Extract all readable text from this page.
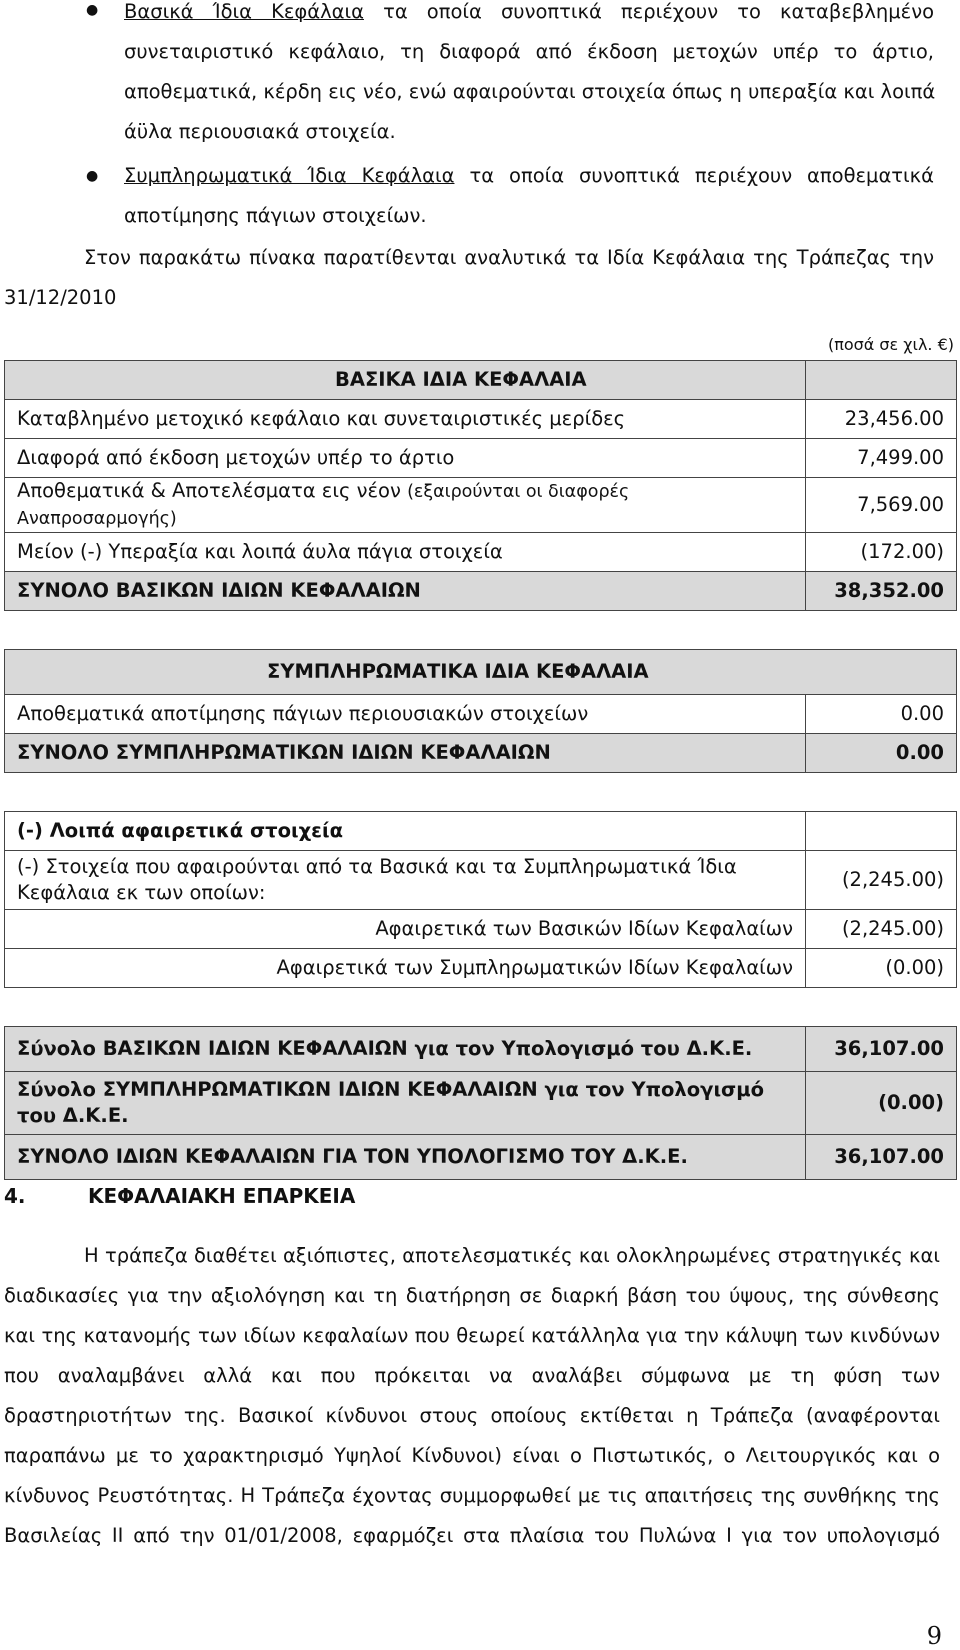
● Βασικά Ίδια Κεφάλαια τα οποία συνοπτικά περιέχουν το καταβεβλημένο
συνεταιριστικό κεφάλαιο, τη διαφορά από έκδοση μετοχών υπέρ το άρτιο,
αποθεματικά, κέρδη εις νέο, ενώ αφαιρούνται στοιχεία όπως η υπεραξία και λοιπά
άϋλα περιουσιακά στοιχεία.
● Συμπληρωματικά Ίδια Κεφάλαια τα οποία συνοπτικά περιέχουν αποθεματικά
αποτίμησης πάγιων στοιχείων.
Στον παρακάτω πίνακα παρατίθενται αναλυτικά τα Ιδία Κεφάλαια της Τράπεζας την
31/12/2010
(ποσά σε χιλ. €)
ΒΑΣΙΚΑ ΙΔΙΑ ΚΕΦΑΛΑΙΑ	
Καταβλημένο μετοχικό κεφάλαιο και συνεταιριστικές μερίδες	23,456.00
Διαφορά από έκδοση μετοχών υπέρ το άρτιο	7,499.00
Αποθεματικά & Αποτελέσματα εις νέον (εξαιρούνται οι διαφορές Αναπροσαρμογής)	7,569.00
Μείον (-) Υπεραξία και λοιπά άυλα πάγια στοιχεία	(172.00)
ΣΥΝΟΛΟ ΒΑΣΙΚΩΝ ΙΔΙΩΝ ΚΕΦΑΛΑΙΩΝ	38,352.00

ΣΥΜΠΛΗΡΩΜΑΤΙΚΑ ΙΔΙΑ ΚΕΦΑΛΑΙΑ	
Αποθεματικά αποτίμησης πάγιων περιουσιακών στοιχείων	0.00
ΣΥΝΟΛΟ ΣΥΜΠΛΗΡΩΜΑΤΙΚΩΝ ΙΔΙΩΝ ΚΕΦΑΛΑΙΩΝ	0.00

(-) Λοιπά αφαιρετικά στοιχεία	
(-) Στοιχεία που αφαιρούνται από τα Βασικά και τα Συμπληρωματικά Ίδια Κεφάλαια εκ των οποίων:	(2,245.00)
Αφαιρετικά των Βασικών Ιδίων Κεφαλαίων	(2,245.00)
Αφαιρετικά των Συμπληρωματικών Ιδίων Κεφαλαίων	(0.00)

Σύνολο ΒΑΣΙΚΩΝ ΙΔΙΩΝ ΚΕΦΑΛΑΙΩΝ για τον Υπολογισμό του Δ.Κ.Ε.	36,107.00
Σύνολο ΣΥΜΠΛΗΡΩΜΑΤΙΚΩΝ ΙΔΙΩΝ ΚΕΦΑΛΑΙΩΝ για τον Υπολογισμό του Δ.Κ.Ε.	(0.00)
ΣΥΝΟΛΟ ΙΔΙΩΝ ΚΕΦΑΛΑΙΩΝ ΓΙΑ ΤΟΝ ΥΠΟΛΟΓΙΣΜΟ ΤΟΥ Δ.Κ.Ε.	36,107.00
4.	ΚΕΦΑΛΑΙΑΚΗ ΕΠΑΡΚΕΙΑ
Η τράπεζα διαθέτει αξιόπιστες, αποτελεσματικές και ολοκληρωμένες στρατηγικές και
διαδικασίες για την αξιολόγηση και τη διατήρηση σε διαρκή βάση του ύψους, της σύνθεσης
και της κατανομής των ιδίων κεφαλαίων που θεωρεί κατάλληλα για την κάλυψη των κινδύνων
που αναλαμβάνει αλλά και που πρόκειται να αναλάβει σύμφωνα με τη φύση των
δραστηριοτήτων της. Βασικοί κίνδυνοι στους οποίους εκτίθεται η Τράπεζα (αναφέρονται
παραπάνω με το χαρακτηρισμό Υψηλοί Κίνδυνοι) είναι ο Πιστωτικός, ο Λειτουργικός και ο
κίνδυνος Ρευστότητας. Η Τράπεζα έχοντας συμμορφωθεί με τις απαιτήσεις της συνθήκης της
Βασιλείας ΙΙ από την 01/01/2008, εφαρμόζει στα πλαίσια του Πυλώνα Ι για τον υπολογισμό
9
